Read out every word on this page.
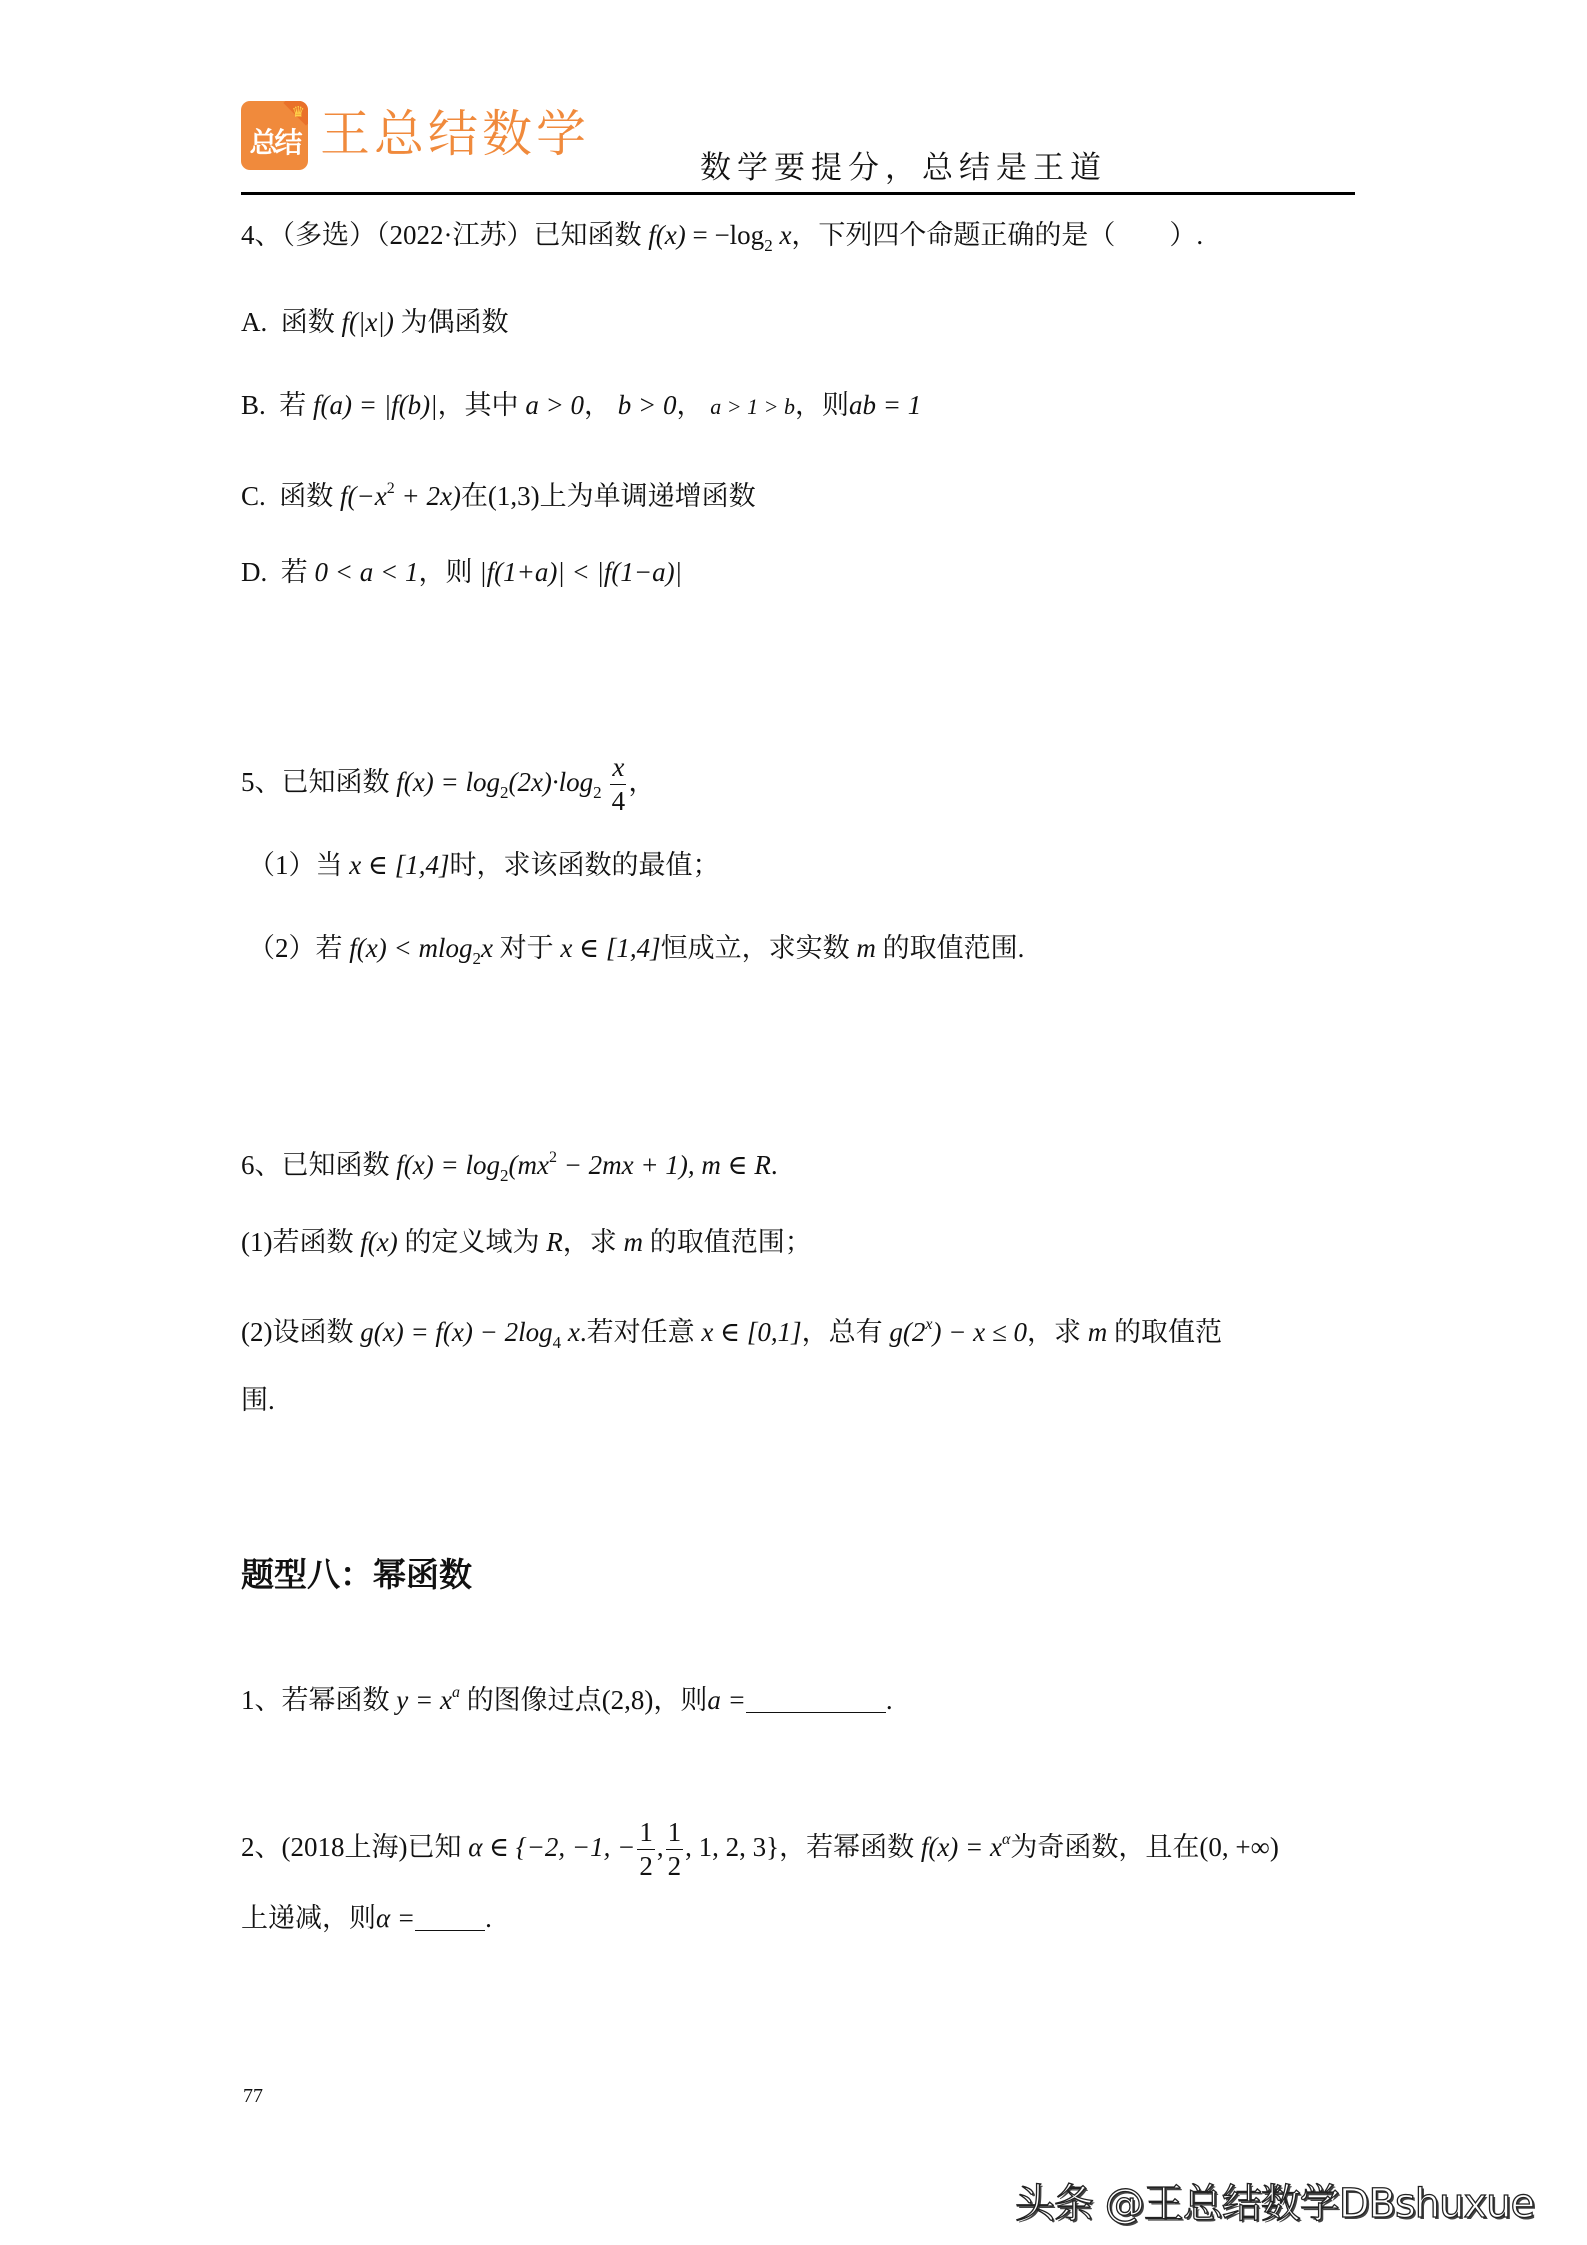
♛
总结 王总结数学
数学要提分，总结是王道
4、（多选）（2022·江苏）已知函数 $f(x) = -\log_2$ x，下列四个命题正确的是（　　）.
A. 函数 f(|x|) 为偶函数
B. 若 f(a) = |f(b)|，其中 a > 0， b > 0， a > 1 > b，则ab = 1
C. 函数 $f(-x^2 + 2x)$在(1,3)上为单调递增函数
D. 若 0 < a < 1，则 |f(1+a)| < |f(1−a)|
5、已知函数 $f(x) = \log_2(2x)\cdot\log_2 \frac{x}{4}$ ，
（1）当 x ∈ [1,4]时，求该函数的最值；
（2）若 f(x) < mlog$_2$x 对于 x ∈ [1,4]恒成立，求实数 m 的取值范围.
6、已知函数 $f(x) = \log_2(mx^2 - 2mx + 1)$, m ∈ R.
(1)若函数 f(x) 的定义域为 R，求 m 的取值范围；
(2)设函数 $g(x) = f(x) - 2\log_4$ x.若对任意 x ∈ [0,1]，总有 $g(2^x) - x \le 0$，求 m 的取值范
围.
题型八：幂函数
1、若幂函数 $y = x^a$ 的图像过点(2,8)，则a =	.
2、(2018上海)已知 α ∈ {−2, −1, − $\frac{1}{2}$ , $\frac{1}{2}$ , 1, 2, 3}，若幂函数 $f(x) = x^\alpha$为奇函数，且在(0, +∞)
上递减，则α =	.
77
头条 @王总结数学DBshuxue
